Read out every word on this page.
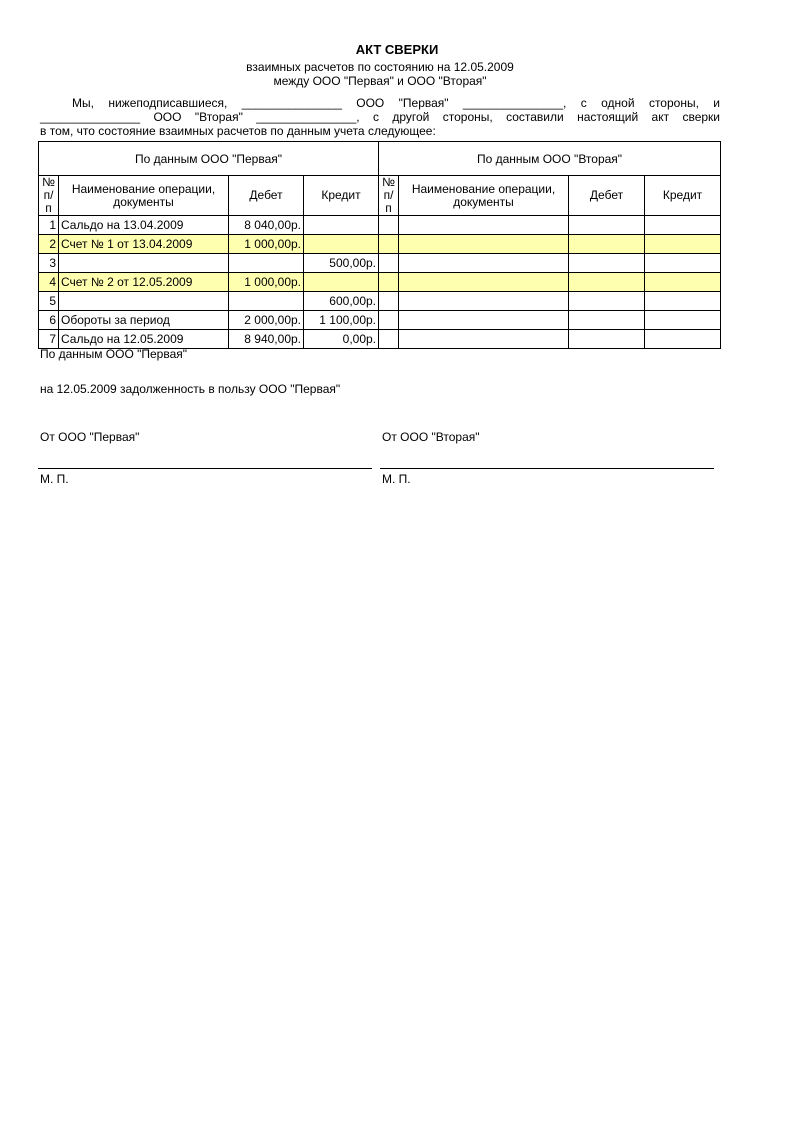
АКТ СВЕРКИ
взаимных расчетов по состоянию на 12.05.2009
между ООО "Первая" и ООО "Вторая"
Мы, нижеподписавшиеся, _______________ ООО "Первая" _______________, с одной стороны, и
_______________ ООО "Вторая" _______________, с другой стороны, составили настоящий акт сверки
в том, что состояние взаимных расчетов по данным учета следующее:
По данным ООО "Первая"				По данным ООО "Вторая"			
№ п/п	Наименование операции, документы	Дебет	Кредит	№ п/п	Наименование операции, документы	Дебет	Кредит
1	Сальдо на 13.04.2009	8 040,00р.					
2	Счет № 1 от 13.04.2009	1 000,00р.					
3			500,00р.				
4	Счет № 2 от 12.05.2009	1 000,00р.					
5			600,00р.				
6	Обороты за период	2 000,00р.	1 100,00р.				
7	Сальдо на 12.05.2009	8 940,00р.	0,00р.				
По данным ООО "Первая"
на 12.05.2009 задолженность в пользу ООО "Первая"
От ООО "Первая"	От ООО "Вторая"
М. П.	М. П.
